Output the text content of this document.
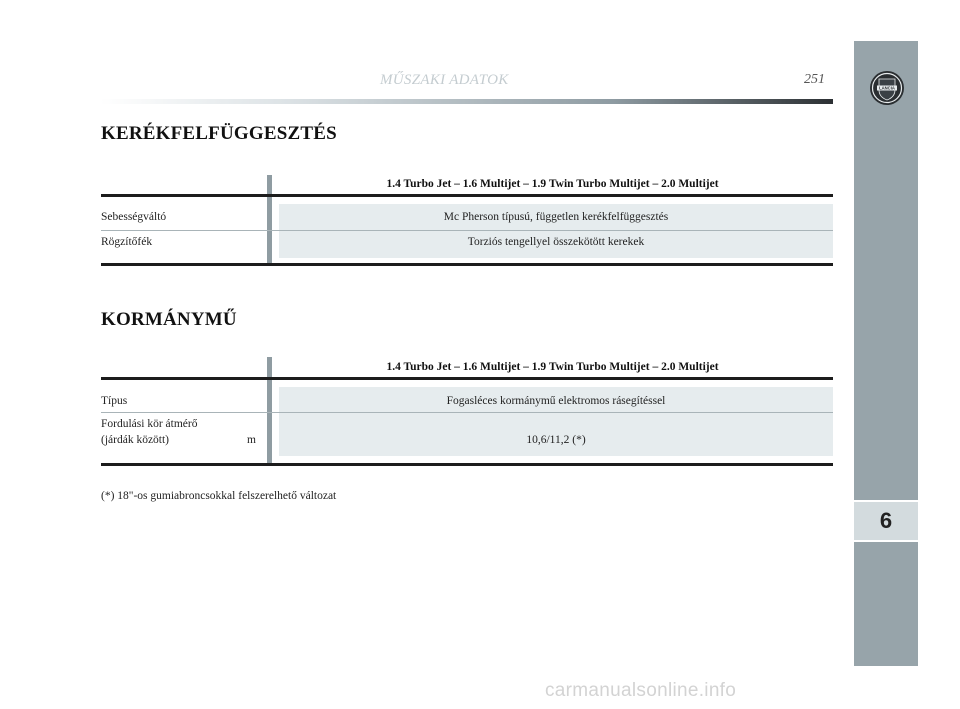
MŰSZAKI ADATOK	251
LANCIA
6
KERÉKFELFÜGGESZTÉS
1.4 Turbo Jet – 1.6 Multijet – 1.9 Twin Turbo Multijet – 2.0 Multijet
Sebességváltó	Mc Pherson típusú, független kerékfelfüggesztés
Rögzítőfék	Torziós tengellyel összekötött kerekek
KORMÁNYMŰ
1.4 Turbo Jet – 1.6 Multijet – 1.9 Twin Turbo Multijet – 2.0 Multijet
Típus	Fogasléces kormánymű elektromos rásegítéssel
Fordulási kör átmérő
(járdák között)	m	10,6/11,2 (*)
(*) 18"-os gumiabroncsokkal felszerelhető változat
carmanualsonline.info
